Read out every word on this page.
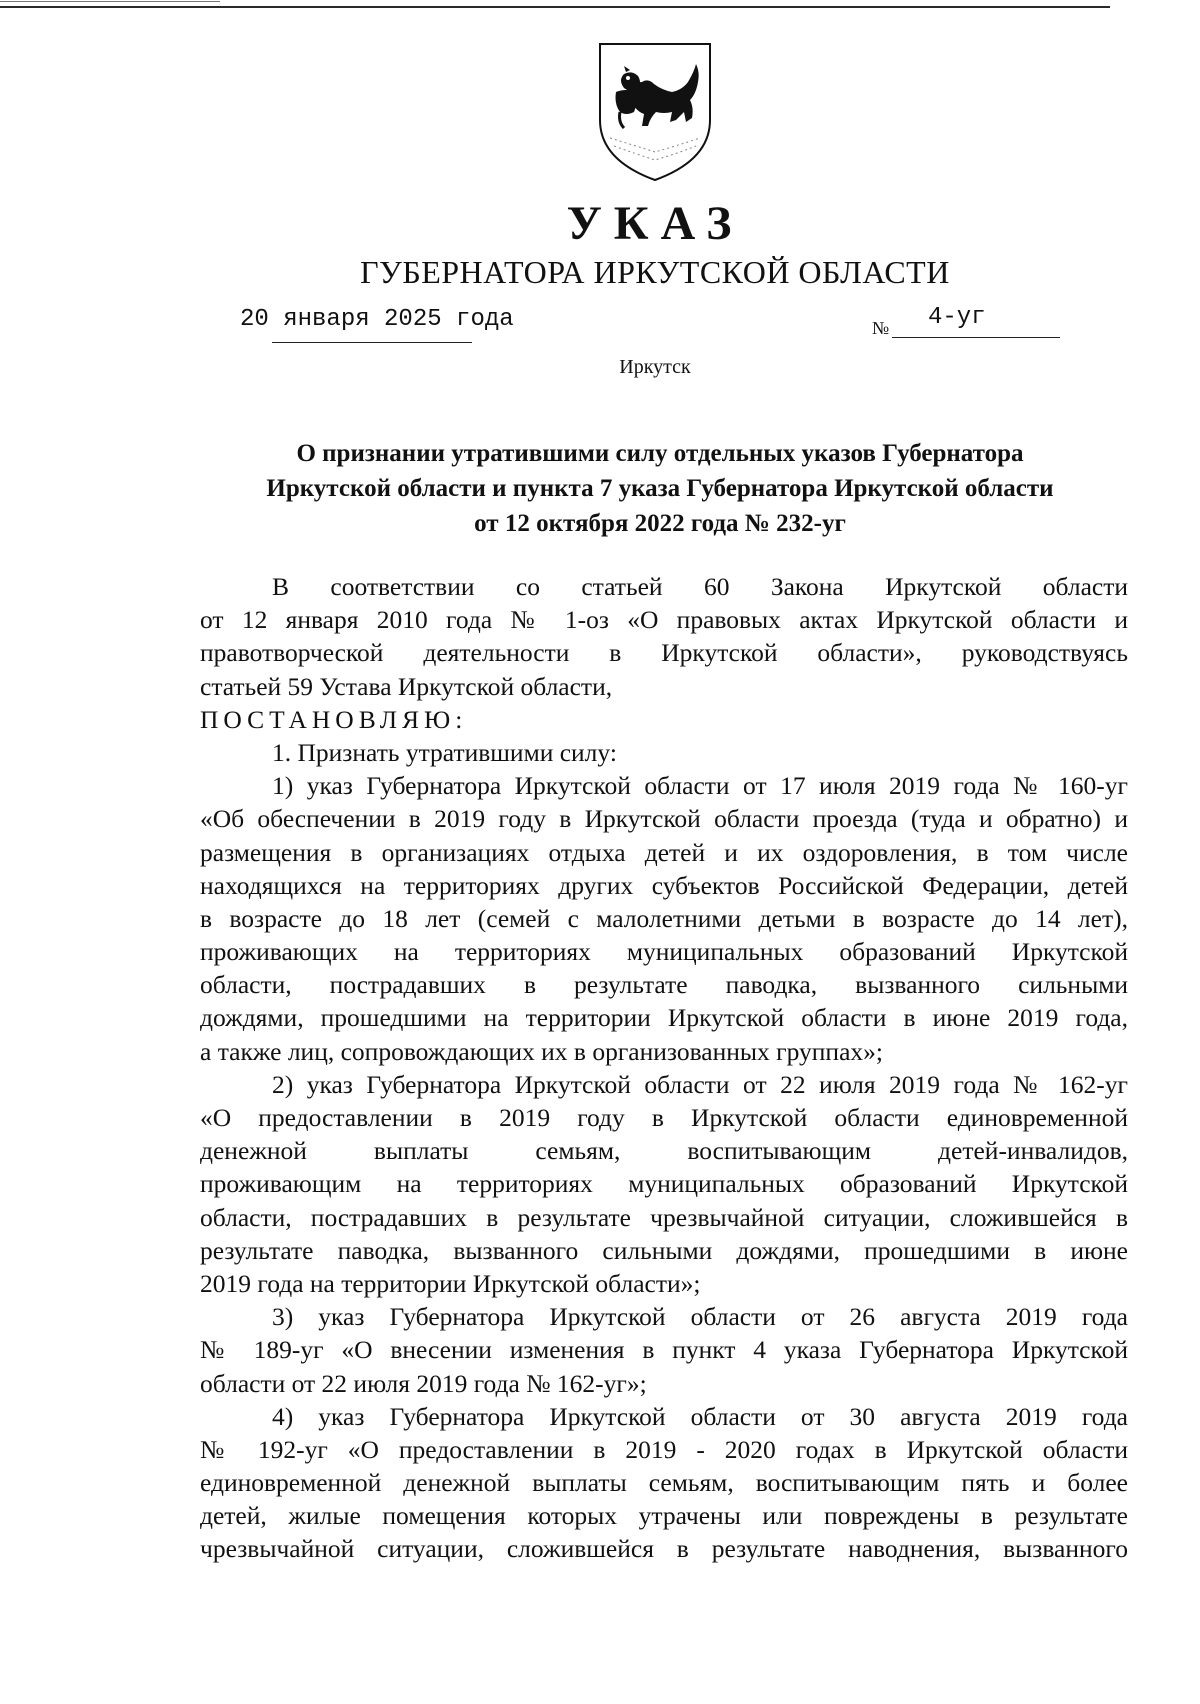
УКАЗ
ГУБЕРНАТОРА ИРКУТСКОЙ ОБЛАСТИ
20 января 2025 года	№ 4-уг
Иркутск
О признании утратившими силу отдельных указов Губернатора
Иркутской области и пункта 7 указа Губернатора Иркутской области
от 12 октября 2022 года № 232-уг
В соответствии со статьей 60 Закона Иркутской области
от 12 января 2010 года № 1-оз «О правовых актах Иркутской области и
правотворческой деятельности в Иркутской области», руководствуясь
статьей 59 Устава Иркутской области,
ПОСТАНОВЛЯЮ:
1. Признать утратившими силу:
1) указ Губернатора Иркутской области от 17 июля 2019 года № 160-уг
«Об обеспечении в 2019 году в Иркутской области проезда (туда и обратно) и
размещения в организациях отдыха детей и их оздоровления, в том числе
находящихся на территориях других субъектов Российской Федерации, детей
в возрасте до 18 лет (семей с малолетними детьми в возрасте до 14 лет),
проживающих на территориях муниципальных образований Иркутской
области, пострадавших в результате паводка, вызванного сильными
дождями, прошедшими на территории Иркутской области в июне 2019 года,
а также лиц, сопровождающих их в организованных группах»;
2) указ Губернатора Иркутской области от 22 июля 2019 года № 162-уг
«О предоставлении в 2019 году в Иркутской области единовременной
денежной выплаты семьям, воспитывающим детей-инвалидов,
проживающим на территориях муниципальных образований Иркутской
области, пострадавших в результате чрезвычайной ситуации, сложившейся в
результате паводка, вызванного сильными дождями, прошедшими в июне
2019 года на территории Иркутской области»;
3) указ Губернатора Иркутской области от 26 августа 2019 года
№ 189-уг «О внесении изменения в пункт 4 указа Губернатора Иркутской
области от 22 июля 2019 года № 162-уг»;
4) указ Губернатора Иркутской области от 30 августа 2019 года
№ 192-уг «О предоставлении в 2019 - 2020 годах в Иркутской области
единовременной денежной выплаты семьям, воспитывающим пять и более
детей, жилые помещения которых утрачены или повреждены в результате
чрезвычайной ситуации, сложившейся в результате наводнения, вызванного
